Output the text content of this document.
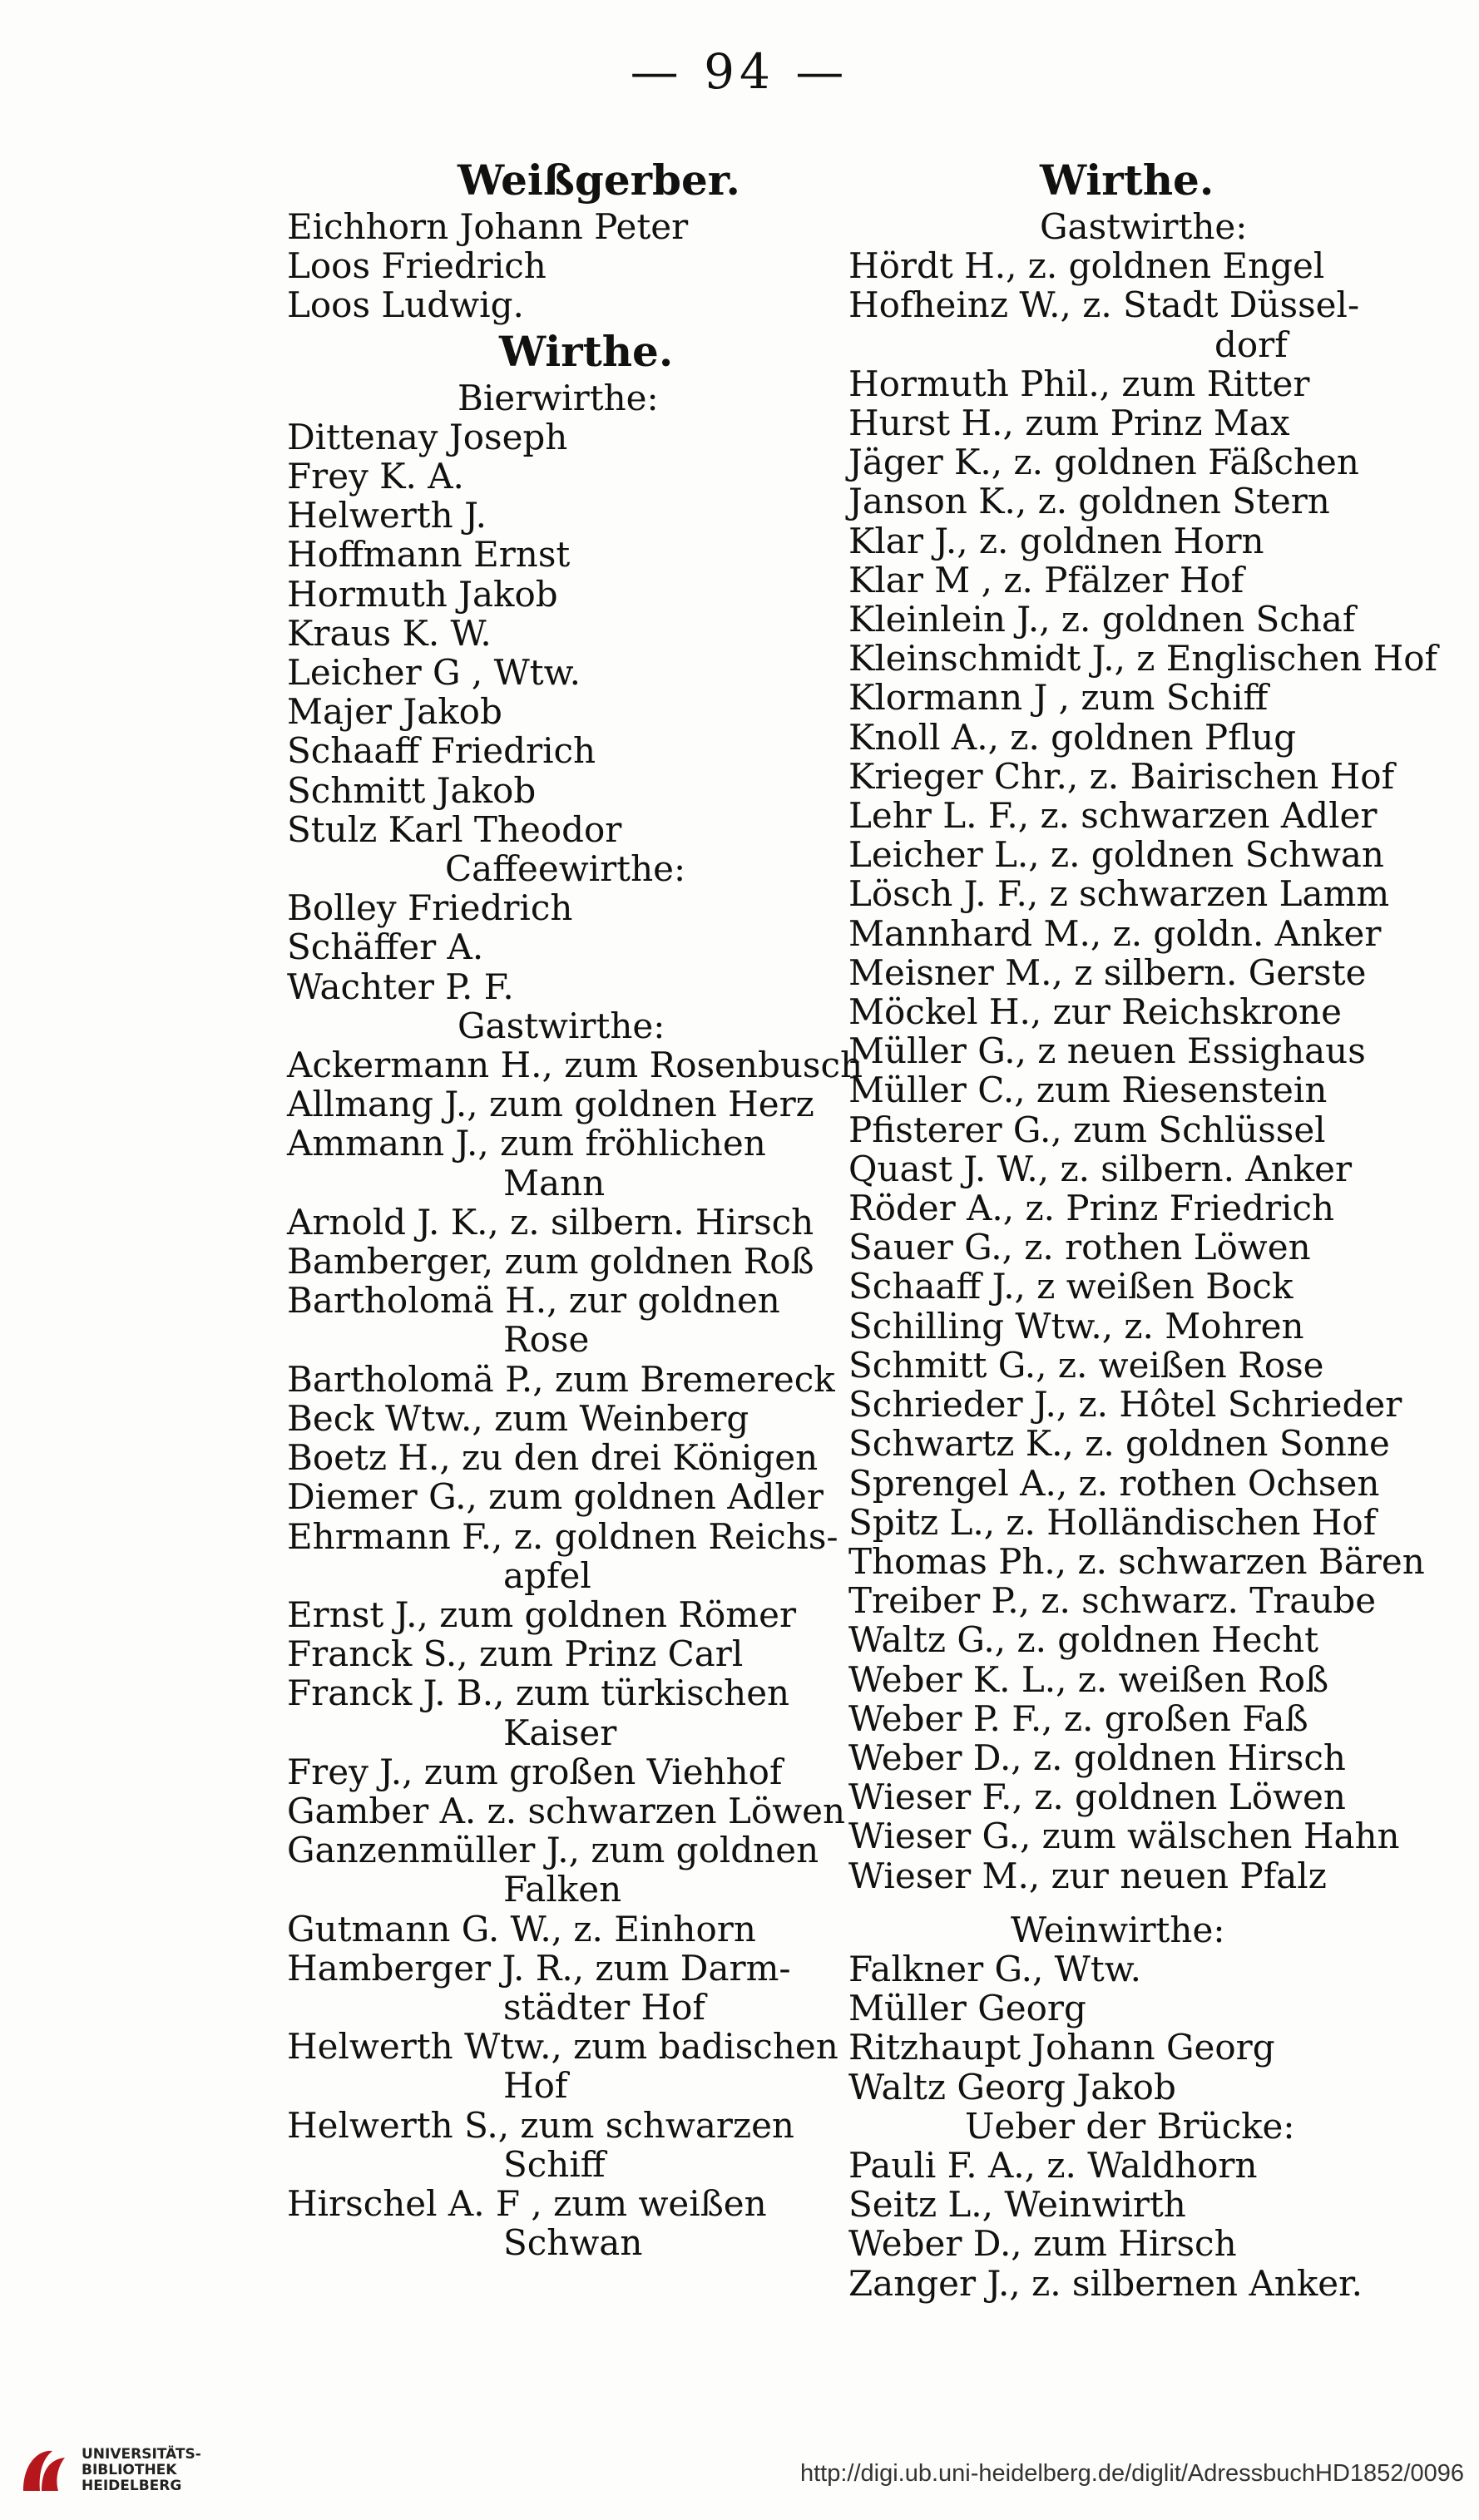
— 94 —
Weißgerber.
Eichhorn Johann Peter
Loos Friedrich
Loos Ludwig.
Wirthe.
Bierwirthe:
Dittenay Joseph
Frey K. A.
Helwerth J.
Hoffmann Ernst
Hormuth Jakob
Kraus K. W.
Leicher G , Wtw.
Majer Jakob
Schaaff Friedrich
Schmitt Jakob
Stulz Karl Theodor
Caffeewirthe:
Bolley Friedrich
Schäffer A.
Wachter P. F.
Gastwirthe:
Ackermann H., zum Rosenbusch
Allmang J., zum goldnen Herz
Ammann J., zum fröhlichen
Mann
Arnold J. K., z. silbern. Hirsch
Bamberger, zum goldnen Roß
Bartholomä H., zur goldnen
Rose
Bartholomä P., zum Bremereck
Beck Wtw., zum Weinberg
Boetz H., zu den drei Königen
Diemer G., zum goldnen Adler
Ehrmann F., z. goldnen Reichs-
apfel
Ernst J., zum goldnen Römer
Franck S., zum Prinz Carl
Franck J. B., zum türkischen
Kaiser
Frey J., zum großen Viehhof
Gamber A. z. schwarzen Löwen
Ganzenmüller J., zum goldnen
Falken
Gutmann G. W., z. Einhorn
Hamberger J. R., zum Darm-
städter Hof
Helwerth Wtw., zum badischen
Hof
Helwerth S., zum schwarzen
Schiff
Hirschel A. F , zum weißen
Schwan
Wirthe.
Gastwirthe:
Hördt H., z. goldnen Engel
Hofheinz W., z. Stadt Düssel-
dorf
Hormuth Phil., zum Ritter
Hurst H., zum Prinz Max
Jäger K., z. goldnen Fäßchen
Janson K., z. goldnen Stern
Klar J., z. goldnen Horn
Klar M , z. Pfälzer Hof
Kleinlein J., z. goldnen Schaf
Kleinschmidt J., z Englischen Hof
Klormann J , zum Schiff
Knoll A., z. goldnen Pflug
Krieger Chr., z. Bairischen Hof
Lehr L. F., z. schwarzen Adler
Leicher L., z. goldnen Schwan
Lösch J. F., z schwarzen Lamm
Mannhard M., z. goldn. Anker
Meisner M., z silbern. Gerste
Möckel H., zur Reichskrone
Müller G., z neuen Essighaus
Müller C., zum Riesenstein
Pfisterer G., zum Schlüssel
Quast J. W., z. silbern. Anker
Röder A., z. Prinz Friedrich
Sauer G., z. rothen Löwen
Schaaff J., z weißen Bock
Schilling Wtw., z. Mohren
Schmitt G., z. weißen Rose
Schrieder J., z. Hôtel Schrieder
Schwartz K., z. goldnen Sonne
Sprengel A., z. rothen Ochsen
Spitz L., z. Holländischen Hof
Thomas Ph., z. schwarzen Bären
Treiber P., z. schwarz. Traube
Waltz G., z. goldnen Hecht
Weber K. L., z. weißen Roß
Weber P. F., z. großen Faß
Weber D., z. goldnen Hirsch
Wieser F., z. goldnen Löwen
Wieser G., zum wälschen Hahn
Wieser M., zur neuen Pfalz
Weinwirthe:
Falkner G., Wtw.
Müller Georg
Ritzhaupt Johann Georg
Waltz Georg Jakob
Ueber der Brücke:
Pauli F. A., z. Waldhorn
Seitz L., Weinwirth
Weber D., zum Hirsch
Zanger J., z. silbernen Anker.
UNIVERSITÄTS-
BIBLIOTHEK
HEIDELBERG	http://digi.ub.uni-heidelberg.de/diglit/AdressbuchHD1852/0096
